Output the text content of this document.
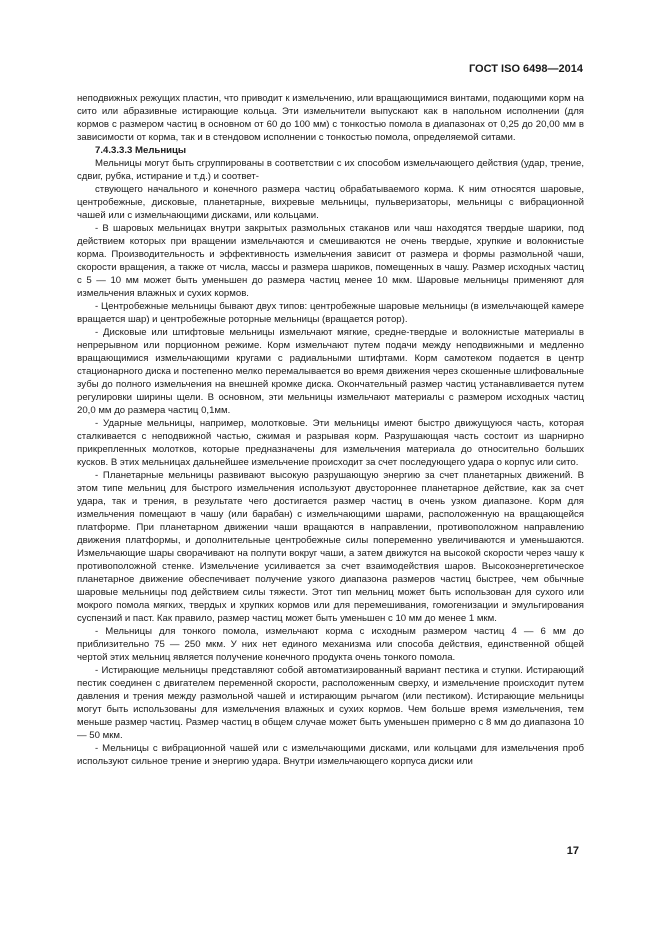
ГОСТ ISO 6498—2014

неподвижных режущих пластин, что приводит к измельчению, или вращающимися винтами, подающими корм на сито или абразивные истирающие кольца. Эти измельчители выпускают как в напольном исполнении (для кормов с размером частиц в основном от 60 до 100 мм) с тонкостью помола в диапазонах от 0,25 до 20,00 мм в зависимости от корма, так и в стендовом исполнении с тонкостью помола, определяемой ситами.

7.4.3.3.3 Мельницы

Мельницы могут быть сгруппированы в соответствии с их способом измельчающего действия (удар, трение, сдвиг, рубка, истирание и т.д.) и соответ-

ствующего начального и конечного размера частиц обрабатываемого корма. К ним относятся шаровые, центробежные, дисковые, планетарные, вихревые мельницы, пульверизаторы, мельницы с вибрационной чашей или с измельчающими дисками, или кольцами.

- В шаровых мельницах внутри закрытых размольных стаканов или чаш находятся твердые шарики, под действием которых при вращении измельчаются и смешиваются не очень твердые, хрупкие и волокнистые корма. Производительность и эффективность измельчения зависит от размера и формы размольной чаши, скорости вращения, а также от числа, массы и размера шариков, помещенных в чашу. Размер исходных частиц с 5 — 10 мм может быть уменьшен до размера частиц менее 10 мкм. Шаровые мельницы применяют для измельчения влажных и сухих кормов.

- Центробежные мельницы бывают двух типов: центробежные шаровые мельницы (в измельчающей камере вращается шар) и центробежные роторные мельницы (вращается ротор).

- Дисковые или штифтовые мельницы измельчают мягкие, средне-твердые и волокнистые материалы в непрерывном или порционном режиме. Корм измельчают путем подачи между неподвижными и медленно вращающимися измельчающими кругами с радиальными штифтами. Корм самотеком подается в центр стационарного диска и постепенно мелко перемалывается во время движения через скошенные шлифовальные зубы до полного измельчения на внешней кромке диска. Окончательный размер частиц устанавливается путем регулировки ширины щели. В основном, эти мельницы измельчают материалы с размером исходных частиц 20,0 мм до размера частиц 0,1мм.

- Ударные мельницы, например, молотковые. Эти мельницы имеют быстро движущуюся часть, которая сталкивается с неподвижной частью, сжимая и разрывая корм. Разрушающая часть состоит из шарнирно прикрепленных молотков, которые предназначены для измельчения материала до относительно больших кусков. В этих мельницах дальнейшее измельчение происходит за счет последующего удара о корпус или сито.

- Планетарные мельницы развивают высокую разрушающую энергию за счет планетарных движений. В этом типе мельниц для быстрого измельчения используют двустороннее планетарное действие, как за счет удара, так и трения, в результате чего достигается размер частиц в очень узком диапазоне. Корм для измельчения помещают в чашу (или барабан) с измельчающими шарами, расположенную на вращающейся платформе. При планетарном движении чаши вращаются в направлении, противоположном направлению движения платформы, и дополнительные центробежные силы попеременно увеличиваются и уменьшаются. Измельчающие шары сворачивают на полпути вокруг чаши, а затем движутся на высокой скорости через чашу к противоположной стенке. Измельчение усиливается за счет взаимодействия шаров. Высокоэнергетическое планетарное движение обеспечивает получение узкого диапазона размеров частиц быстрее, чем обычные шаровые мельницы под действием силы тяжести. Этот тип мельниц может быть использован для сухого или мокрого помола мягких, твердых и хрупких кормов или для перемешивания, гомогенизации и эмульгирования суспензий и паст. Как правило, размер частиц может быть уменьшен с 10 мм до менее 1 мкм.

- Мельницы для тонкого помола, измельчают корма с исходным размером частиц 4 — 6 мм до приблизительно 75 — 250 мкм. У них нет единого механизма или способа действия, единственной общей чертой этих мельниц является получение конечного продукта очень тонкого помола.

- Истирающие мельницы представляют собой автоматизированный вариант пестика и ступки. Истирающий пестик соединен с двигателем переменной скорости, расположенным сверху, и измельчение происходит путем давления и трения между размольной чашей и истирающим рычагом (или пестиком). Истирающие мельницы могут быть использованы для измельчения влажных и сухих кормов. Чем больше время измельчения, тем меньше размер частиц. Размер частиц в общем случае может быть уменьшен примерно с 8 мм до диапазона 10 — 50 мкм.

- Мельницы с вибрационной чашей или с измельчающими дисками, или кольцами для измельчения проб используют сильное трение и энергию удара. Внутри измельчающего корпуса диски или

17
